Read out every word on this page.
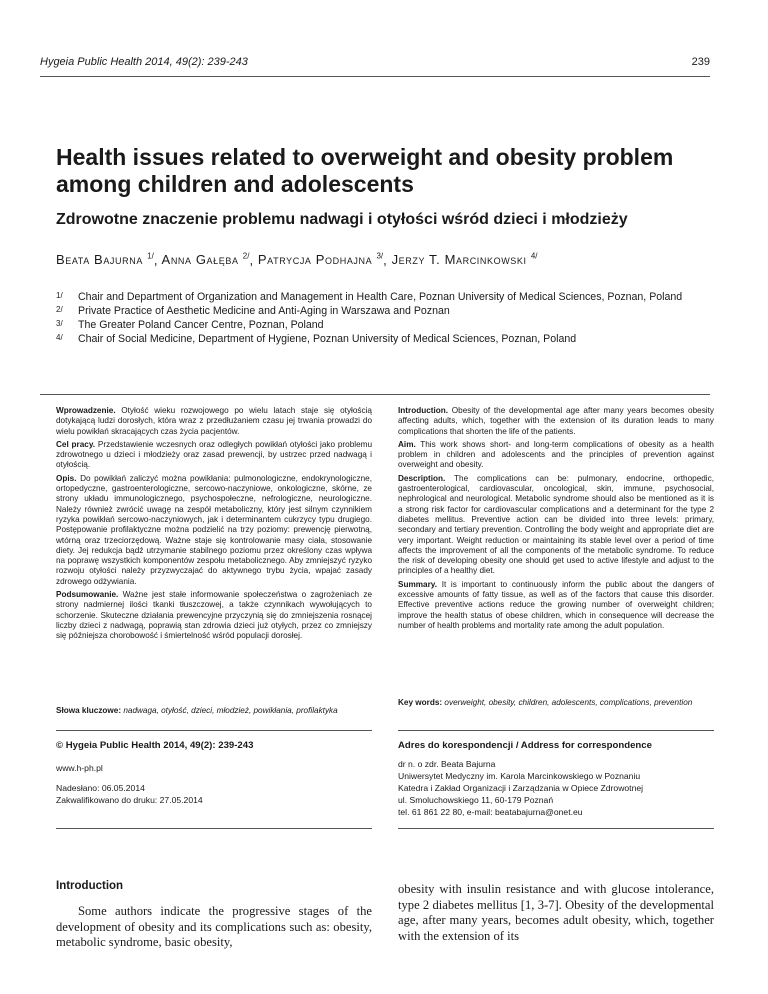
Hygeia Public Health 2014, 49(2): 239-243	239
Health issues related to overweight and obesity problem among children and adolescents
Zdrowotne znaczenie problemu nadwagi i otyłości wśród dzieci i młodzieży
Beata Bajurna $^{1/}$, Anna Gałęba $^{2/}$, Patrycja Podhajna $^{3/}$, Jerzy T. Marcinkowski $^{4/}$
1/	Chair and Department of Organization and Management in Health Care, Poznan University of Medical Sciences, Poznan, Poland
2/	Private Practice of Aesthetic Medicine and Anti-Aging in Warszawa and Poznan
3/	The Greater Poland Cancer Centre, Poznan, Poland
4/	Chair of Social Medicine, Department of Hygiene, Poznan University of Medical Sciences, Poznan, Poland

Wprowadzenie. Otyłość wieku rozwojowego po wielu latach staje się otyłością dotykającą ludzi dorosłych, która wraz z przedłużaniem czasu jej trwania prowadzi do wielu powikłań skracających czas życia pacjentów.

Cel pracy. Przedstawienie wczesnych oraz odległych powikłań otyłości jako problemu zdrowotnego u dzieci i młodzieży oraz zasad prewencji, by ustrzec przed nadwagą i otyłością.

Opis. Do powikłań zaliczyć można powikłania: pulmonologiczne, endokrynologiczne, ortopedyczne, gastroenterologiczne, sercowo-naczyniowe, onkologiczne, skórne, ze strony układu immunologicznego, psychospołeczne, nefrologiczne, neurologiczne. Należy również zwrócić uwagę na zespół metaboliczny, który jest silnym czynnikiem ryzyka powikłań sercowo-naczyniowych, jak i determinantem cukrzycy typu drugiego. Postępowanie profilaktyczne można podzielić na trzy poziomy: prewencję pierwotną, wtórną oraz trzeciorzędową. Ważne staje się kontrolowanie masy ciała, stosowanie diety. Jej redukcja bądź utrzymanie stabilnego poziomu przez określony czas wpływa na poprawę wszystkich komponentów zespołu metabolicznego. Aby zmniejszyć ryzyko rozwoju otyłości należy przyzwyczajać do aktywnego trybu życia, wpajać zasady zdrowego odżywiania.

Podsumowanie. Ważne jest stałe informowanie społeczeństwa o zagrożeniach ze strony nadmiernej ilości tkanki tłuszczowej, a także czynnikach wywołujących to schorzenie. Skuteczne działania prewencyjne przyczynią się do zmniejszenia rosnącej liczby dzieci z nadwagą, poprawią stan zdrowia dzieci już otyłych, przez co zmniejszy się późniejsza chorobowość i śmiertelność wśród populacji dorosłej.

Słowa kluczowe: nadwaga, otyłość, dzieci, młodzież, powikłania, profilaktyka

Introduction. Obesity of the developmental age after many years becomes obesity affecting adults, which, together with the extension of its duration leads to many complications that shorten the life of the patients.

Aim. This work shows short- and long-term complications of obesity as a health problem in children and adolescents and the principles of prevention against overweight and obesity.

Description. The complications can be: pulmonary, endocrine, orthopedic, gastroenterological, cardiovascular, oncological, skin, immune, psychosocial, nephrological and neurological. Metabolic syndrome should also be mentioned as it is a strong risk factor for cardiovascular complications and a determinant for the type 2 diabetes mellitus. Preventive action can be divided into three levels: primary, secondary and tertiary prevention. Controlling the body weight and appropriate diet are very important. Weight reduction or maintaining its stable level over a period of time affects the improvement of all the components of the metabolic syndrome. To reduce the risk of developing obesity one should get used to active lifestyle and adjust to the principles of a healthy diet.

Summary. It is important to continuously inform the public about the dangers of excessive amounts of fatty tissue, as well as of the factors that cause this disorder. Effective preventive actions reduce the growing number of overweight children; improve the health status of obese children, which in consequence will decrease the number of health problems and mortality rate among the adult population.

Key words: overweight, obesity, children, adolescents, complications, prevention
© Hygeia Public Health 2014, 49(2): 239-243
www.h-ph.pl
Nadesłano: 06.05.2014
Zakwalifikowano do druku: 27.05.2014
Adres do korespondencji / Address for correspondence
dr n. o zdr. Beata Bajurna
Uniwersytet Medyczny im. Karola Marcinkowskiego w Poznaniu
Katedra i Zakład Organizacji i Zarządzania w Opiece Zdrowotnej
ul. Smoluchowskiego 11, 60-179 Poznań
tel. 61 861 22 80, e-mail: beatabajurna@onet.eu
Introduction
Some authors indicate the progressive stages of the development of obesity and its complications such as: obesity, metabolic syndrome, basic obesity,
obesity with insulin resistance and with glucose intolerance, type 2 diabetes mellitus [1, 3-7]. Obesity of the developmental age, after many years, becomes adult obesity, which, together with the extension of its
